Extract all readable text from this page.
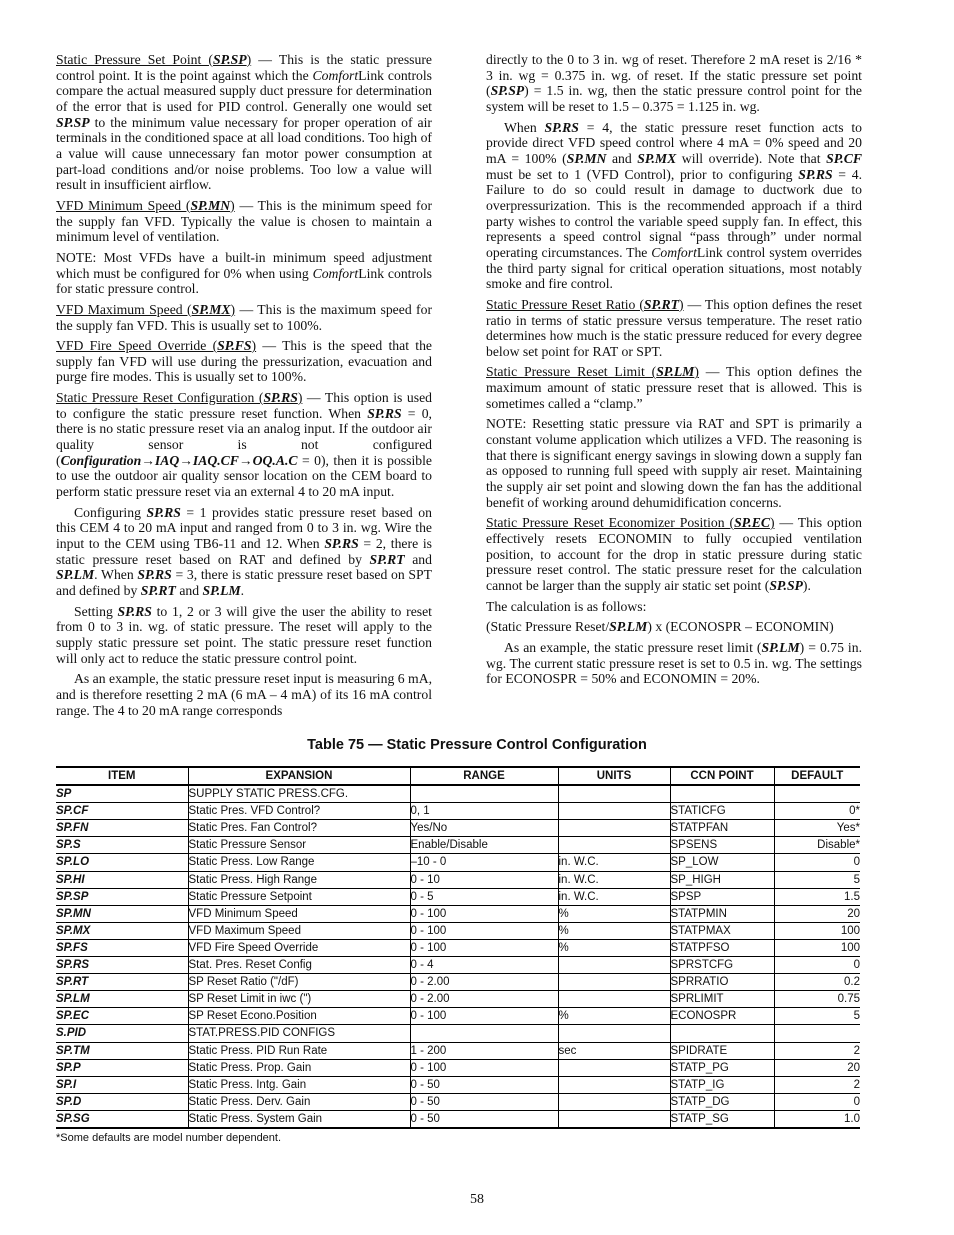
Static Pressure Set Point (SP.SP) — This is the static pressure control point. It is the point against which the ComfortLink controls compare the actual measured supply duct pressure for determination of the error that is used for PID control. Generally one would set SP.SP to the minimum value necessary for proper operation of air terminals in the conditioned space at all load conditions. Too high of a value will cause unnecessary fan motor power consumption at part-load conditions and/or noise problems. Too low a value will result in insufficient airflow.

VFD Minimum Speed (SP.MN) — This is the minimum speed for the supply fan VFD. Typically the value is chosen to maintain a minimum level of ventilation.

NOTE: Most VFDs have a built-in minimum speed adjustment which must be configured for 0% when using ComfortLink controls for static pressure control.

VFD Maximum Speed (SP.MX) — This is the maximum speed for the supply fan VFD. This is usually set to 100%.

VFD Fire Speed Override (SP.FS) — This is the speed that the supply fan VFD will use during the pressurization, evacuation and purge fire modes. This is usually set to 100%.

Static Pressure Reset Configuration (SP.RS) — This option is used to configure the static pressure reset function. When SP.RS = 0, there is no static pressure reset via an analog input. If the outdoor air quality sensor is not configured (Configuration→IAQ→IAQ.CF→OQ.A.C = 0), then it is possible to use the outdoor air quality sensor location on the CEM board to perform static pressure reset via an external 4 to 20 mA input.

Configuring SP.RS = 1 provides static pressure reset based on this CEM 4 to 20 mA input and ranged from 0 to 3 in. wg. Wire the input to the CEM using TB6-11 and 12. When SP.RS = 2, there is static pressure reset based on RAT and defined by SP.RT and SP.LM. When SP.RS = 3, there is static pressure reset based on SPT and defined by SP.RT and SP.LM.

Setting SP.RS to 1, 2 or 3 will give the user the ability to reset from 0 to 3 in. wg. of static pressure. The reset will apply to the supply static pressure set point. The static pressure reset function will only act to reduce the static pressure control point.

As an example, the static pressure reset input is measuring 6 mA, and is therefore resetting 2 mA (6 mA – 4 mA) of its 16 mA control range. The 4 to 20 mA range corresponds

directly to the 0 to 3 in. wg of reset. Therefore 2 mA reset is 2/16 * 3 in. wg = 0.375 in. wg. of reset. If the static pressure set point (SP.SP) = 1.5 in. wg, then the static pressure control point for the system will be reset to 1.5 – 0.375 = 1.125 in. wg.

When SP.RS = 4, the static pressure reset function acts to provide direct VFD speed control where 4 mA = 0% speed and 20 mA = 100% (SP.MN and SP.MX will override). Note that SP.CF must be set to 1 (VFD Control), prior to configuring SP.RS = 4. Failure to do so could result in damage to ductwork due to overpressurization. This is the recommended approach if a third party wishes to control the variable speed supply fan. In effect, this represents a speed control signal “pass through” under normal operating circumstances. The ComfortLink control system overrides the third party signal for critical operation situations, most notably smoke and fire control.

Static Pressure Reset Ratio (SP.RT) — This option defines the reset ratio in terms of static pressure versus temperature. The reset ratio determines how much is the static pressure reduced for every degree below set point for RAT or SPT.

Static Pressure Reset Limit (SP.LM) — This option defines the maximum amount of static pressure reset that is allowed. This is sometimes called a “clamp.”

NOTE: Resetting static pressure via RAT and SPT is primarily a constant volume application which utilizes a VFD. The reasoning is that there is significant energy savings in slowing down a supply fan as opposed to running full speed with supply air reset. Maintaining the supply air set point and slowing down the fan has the additional benefit of working around dehumidification concerns.

Static Pressure Reset Economizer Position (SP.EC) — This option effectively resets ECONOMIN to fully occupied ventilation position, to account for the drop in static pressure during static pressure reset control. The static pressure reset for the calculation cannot be larger than the supply air static set point (SP.SP).

The calculation is as follows:

(Static Pressure Reset/SP.LM) x (ECONOSPR – ECONOMIN)

As an example, the static pressure reset limit (SP.LM) = 0.75 in. wg. The current static pressure reset is set to 0.5 in. wg. The settings for ECONOSPR = 50% and ECONOMIN = 20%.

Table 75 — Static Pressure Control Configuration
ITEM	EXPANSION	RANGE	UNITS	CCN POINT	DEFAULT
SP	SUPPLY STATIC PRESS.CFG.				
SP.CF	Static Pres. VFD Control?	0, 1		STATICFG	0*
SP.FN	Static Pres. Fan Control?	Yes/No		STATPFAN	Yes*
SP.S	Static Pressure Sensor	Enable/Disable		SPSENS	Disable*
SP.LO	Static Press. Low Range	–10 - 0	in. W.C.	SP_LOW	0
SP.HI	Static Press. High Range	0 - 10	in. W.C.	SP_HIGH	5
SP.SP	Static Pressure Setpoint	0 - 5	in. W.C.	SPSP	1.5
SP.MN	VFD Minimum Speed	0 - 100	%	STATPMIN	20
SP.MX	VFD Maximum Speed	0 - 100	%	STATPMAX	100
SP.FS	VFD Fire Speed Override	0 - 100	%	STATPFSO	100
SP.RS	Stat. Pres. Reset Config	0 - 4		SPRSTCFG	0
SP.RT	SP Reset Ratio ("/dF)	0 - 2.00		SPRRATIO	0.2
SP.LM	SP Reset Limit in iwc (")	0 - 2.00		SPRLIMIT	0.75
SP.EC	SP Reset Econo.Position	0 - 100	%	ECONOSPR	5
S.PID	STAT.PRESS.PID CONFIGS				
SP.TM	Static Press. PID Run Rate	1 - 200	sec	SPIDRATE	2
SP.P	Static Press. Prop. Gain	0 - 100		STATP_PG	20
SP.I	Static Press. Intg. Gain	0 - 50		STATP_IG	2
SP.D	Static Press. Derv. Gain	0 - 50		STATP_DG	0
SP.SG	Static Press. System Gain	0 - 50		STATP_SG	1.0
*Some defaults are model number dependent.
58
